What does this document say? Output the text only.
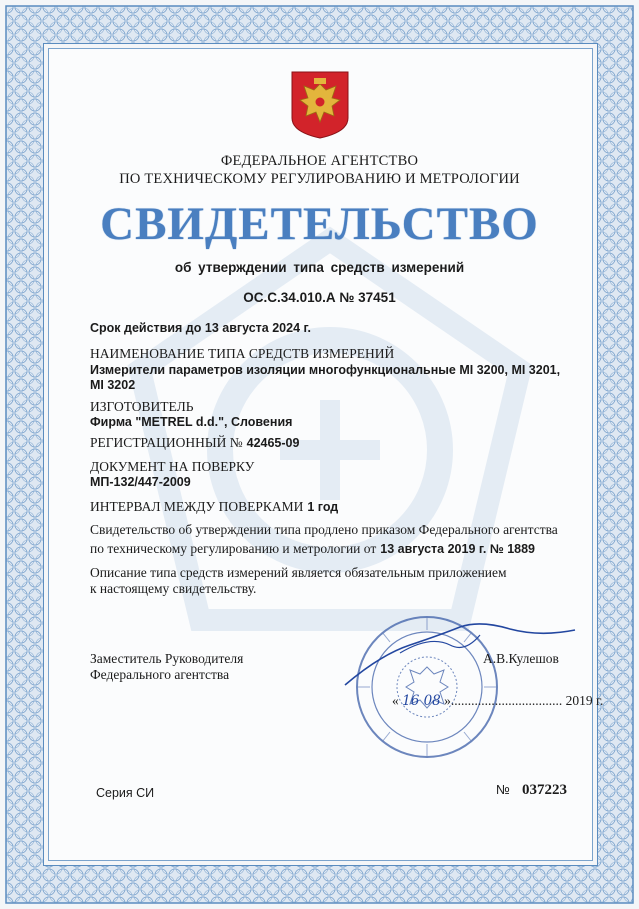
ФЕДЕРАЛЬНОЕ АГЕНТСТВО
ПО ТЕХНИЧЕСКОМУ РЕГУЛИРОВАНИЮ И МЕТРОЛОГИИ
СВИДЕТЕЛЬСТВО
об утверждении типа средств измерений
ОС.С.34.010.А № 37451
Срок действия до 13 августа 2024 г.
НАИМЕНОВАНИЕ ТИПА СРЕДСТВ ИЗМЕРЕНИЙ
Измерители параметров изоляции многофункциональные MI 3200, MI 3201,
MI 3202
ИЗГОТОВИТЕЛЬ
Фирма "METREL d.d.", Словения
РЕГИСТРАЦИОННЫЙ № 42465-09
ДОКУМЕНТ НА ПОВЕРКУ
МП-132/447-2009
ИНТЕРВАЛ МЕЖДУ ПОВЕРКАМИ 1 год
Свидетельство об утверждении типа продлено приказом Федерального агентства
по техническому регулированию и метрологии от 13 августа 2019 г. № 1889
Описание типа средств измерений является обязательным приложением
к настоящему свидетельству.
Заместитель Руководителя
Федерального агентства
А.В.Кулешов
« 16 08 »................................. 2019 г.
Серия СИ	№ 037223
